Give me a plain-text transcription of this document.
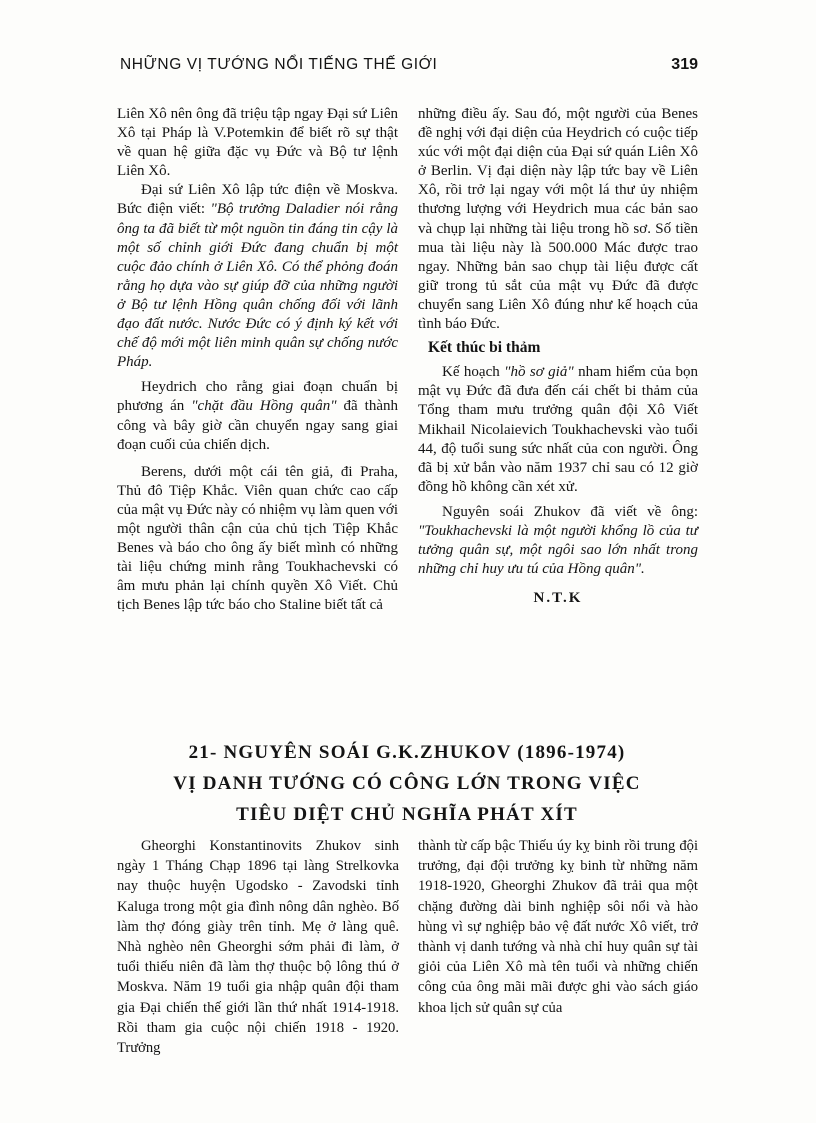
NHỮNG VỊ TƯỚNG NỔI TIẾNG THẾ GIỚI	319

Liên Xô nên ông đã triệu tập ngay Đại sứ Liên Xô tại Pháp là V.Potemkin để biết rõ sự thật về quan hệ giữa đặc vụ Đức và Bộ tư lệnh Liên Xô.

Đại sứ Liên Xô lập tức điện về Moskva. Bức điện viết: "Bộ trưởng Daladier nói rằng ông ta đã biết từ một nguồn tin đáng tin cậy là một số chỉnh giới Đức đang chuẩn bị một cuộc đảo chính ở Liên Xô. Có thể phỏng đoán rằng họ dựa vào sự giúp đỡ của những người ở Bộ tư lệnh Hồng quân chống đối với lãnh đạo đất nước. Nước Đức có ý định ký kết với chế độ mới một liên minh quân sự chống nước Pháp.

Heydrich cho rằng giai đoạn chuẩn bị phương án "chặt đầu Hồng quân" đã thành công và bây giờ cần chuyển ngay sang giai đoạn cuối của chiến dịch.

Berens, dưới một cái tên giả, đi Praha, Thủ đô Tiệp Khắc. Viên quan chức cao cấp của mật vụ Đức này có nhiệm vụ làm quen với một người thân cận của chủ tịch Tiệp Khắc Benes và báo cho ông ấy biết mình có những tài liệu chứng minh rằng Toukhachevski có âm mưu phản lại chính quyền Xô Viết. Chủ tịch Benes lập tức báo cho Staline biết tất cả

những điều ấy. Sau đó, một người của Benes đề nghị với đại diện của Heydrich có cuộc tiếp xúc với một đại diện của Đại sứ quán Liên Xô ở Berlin. Vị đại diện này lập tức bay về Liên Xô, rồi trở lại ngay với một lá thư ủy nhiệm thương lượng với Heydrich mua các bản sao và chụp lại những tài liệu trong hồ sơ. Số tiền mua tài liệu này là 500.000 Mác được trao ngay. Những bản sao chụp tài liệu được cất giữ trong tủ sắt của mật vụ Đức đã được chuyển sang Liên Xô đúng như kế hoạch của tình báo Đức.

Kết thúc bi thảm

Kế hoạch "hồ sơ giả" nham hiểm của bọn mật vụ Đức đã đưa đến cái chết bi thảm của Tổng tham mưu trưởng quân đội Xô Viết Mikhail Nicolaievich Toukhachevski vào tuổi 44, độ tuổi sung sức nhất của con người. Ông đã bị xử bắn vào năm 1937 chỉ sau có 12 giờ đồng hồ không cần xét xử.

Nguyên soái Zhukov đã viết về ông: "Toukhachevski là một người khổng lồ của tư tưởng quân sự, một ngôi sao lớn nhất trong những chỉ huy ưu tú của Hồng quân".

N.T.K
21- NGUYÊN SOÁI G.K.ZHUKOV (1896-1974)
VỊ DANH TƯỚNG CÓ CÔNG LỚN TRONG VIỆC
TIÊU DIỆT CHỦ NGHĨA PHÁT XÍT

Gheorghi Konstantinovits Zhukov sinh ngày 1 Tháng Chạp 1896 tại làng Strelkovka nay thuộc huyện Ugodsko - Zavodski tỉnh Kaluga trong một gia đình nông dân nghèo. Bố làm thợ đóng giày trên tỉnh. Mẹ ở làng quê. Nhà nghèo nên Gheorghi sớm phải đi làm, ở tuổi thiếu niên đã làm thợ thuộc bộ lông thú ở Moskva. Năm 19 tuổi gia nhập quân đội tham gia Đại chiến thế giới lần thứ nhất 1914-1918. Rồi tham gia cuộc nội chiến 1918 - 1920. Trưởng

thành từ cấp bậc Thiếu úy kỵ binh rồi trung đội trưởng, đại đội trưởng kỵ binh từ những năm 1918-1920, Gheorghi Zhukov đã trải qua một chặng đường dài binh nghiệp sôi nổi và hào hùng vì sự nghiệp bảo vệ đất nước Xô viết, trở thành vị danh tướng và nhà chỉ huy quân sự tài giỏi của Liên Xô mà tên tuổi và những chiến công của ông mãi mãi được ghi vào sách giáo khoa lịch sử quân sự của
